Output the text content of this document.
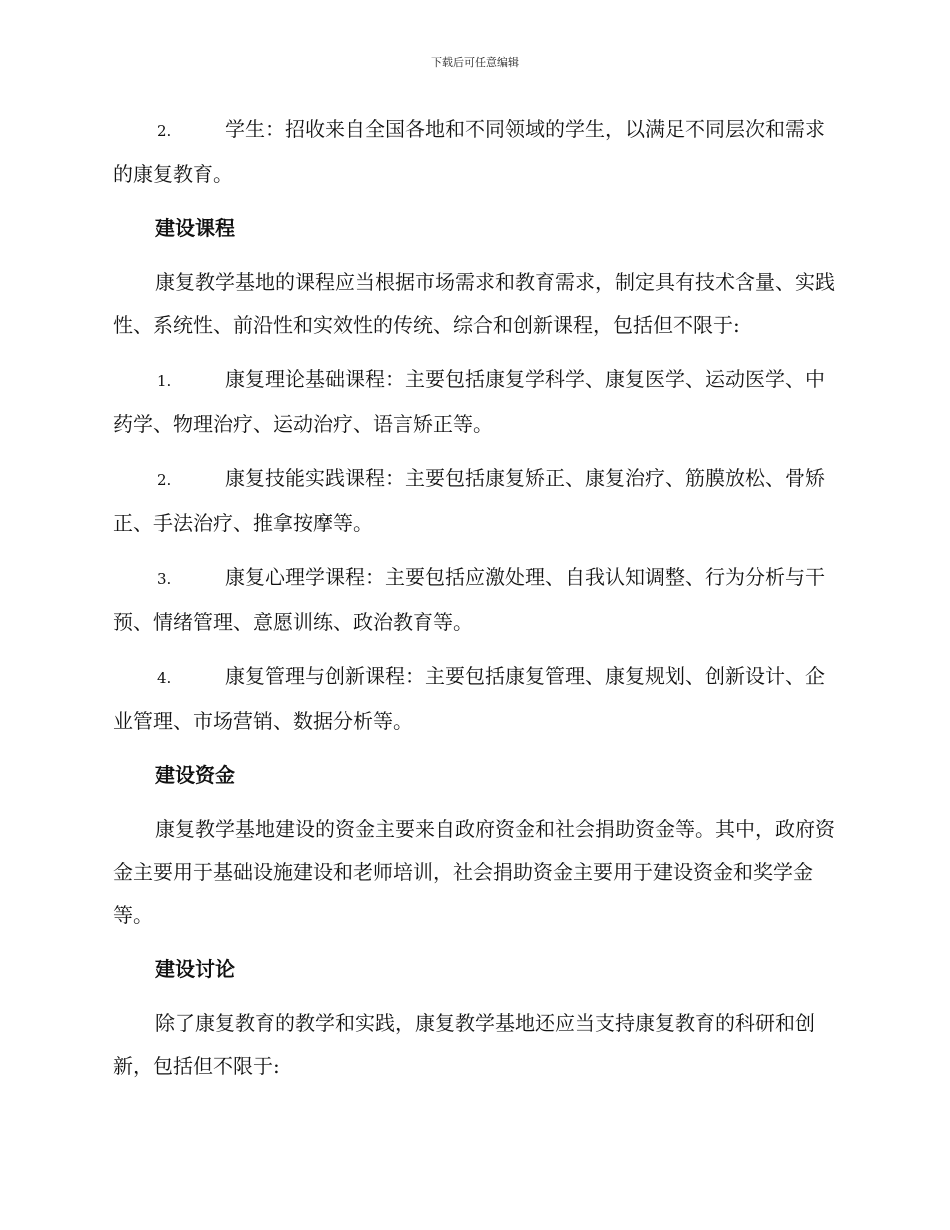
下载后可任意编辑

2.	学生：招收来自全国各地和不同领域的学生，以满足不同层次和需求的康复教育。

建设课程

康复教学基地的课程应当根据市场需求和教育需求，制定具有技术含量、实践性、系统性、前沿性和实效性的传统、综合和创新课程，包括但不限于:

1.	康复理论基础课程：主要包括康复学科学、康复医学、运动医学、中药学、物理治疗、运动治疗、语言矫正等。

2.	康复技能实践课程：主要包括康复矫正、康复治疗、筋膜放松、骨矫正、手法治疗、推拿按摩等。

3.	康复心理学课程：主要包括应激处理、自我认知调整、行为分析与干预、情绪管理、意愿训练、政治教育等。

4.	康复管理与创新课程：主要包括康复管理、康复规划、创新设计、企业管理、市场营销、数据分析等。

建设资金

康复教学基地建设的资金主要来自政府资金和社会捐助资金等。其中，政府资金主要用于基础设施建设和老师培训，社会捐助资金主要用于建设资金和奖学金等。

建设讨论

除了康复教育的教学和实践，康复教学基地还应当支持康复教育的科研和创新，包括但不限于:
